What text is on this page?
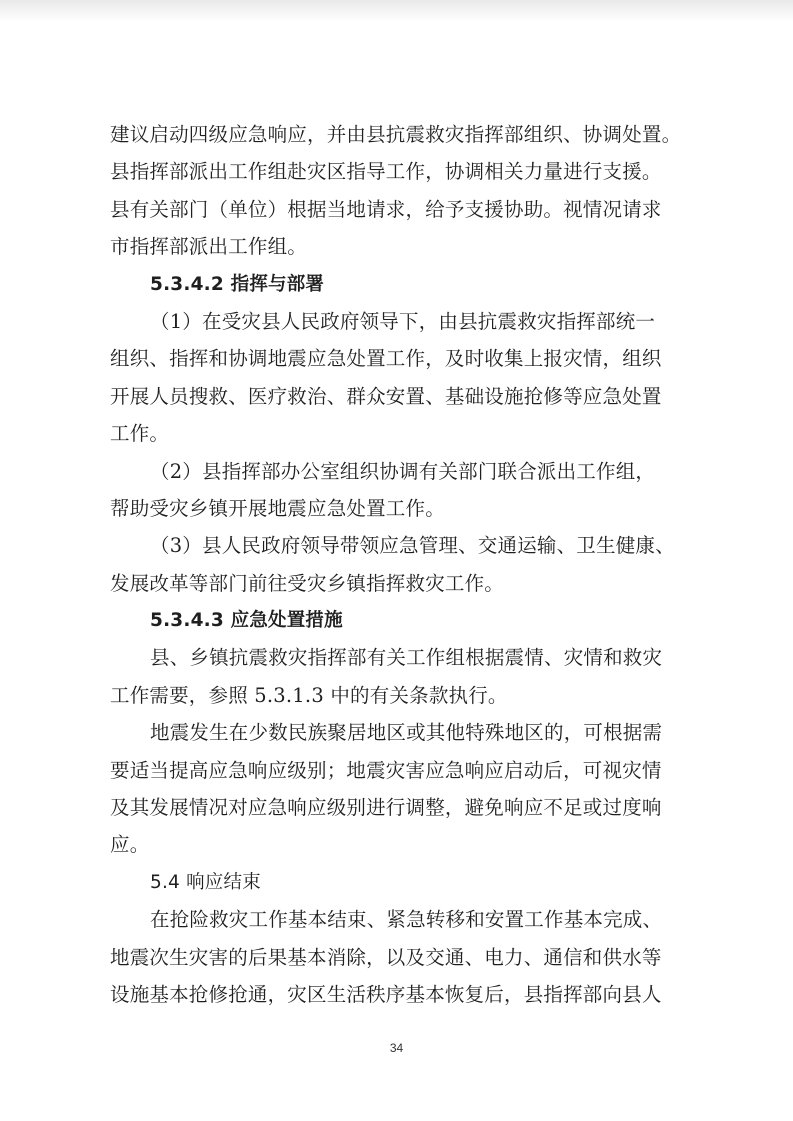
建议启动四级应急响应，并由县抗震救灾指挥部组织、协调处置。
县指挥部派出工作组赴灾区指导工作，协调相关力量进行支援。
县有关部门（单位）根据当地请求，给予支援协助。视情况请求
市指挥部派出工作组。
5.3.4.2 指挥与部署
（1）在受灾县人民政府领导下，由县抗震救灾指挥部统一
组织、指挥和协调地震应急处置工作，及时收集上报灾情，组织
开展人员搜救、医疗救治、群众安置、基础设施抢修等应急处置
工作。
（2）县指挥部办公室组织协调有关部门联合派出工作组，
帮助受灾乡镇开展地震应急处置工作。
（3）县人民政府领导带领应急管理、交通运输、卫生健康、
发展改革等部门前往受灾乡镇指挥救灾工作。
5.3.4.3 应急处置措施
县、乡镇抗震救灾指挥部有关工作组根据震情、灾情和救灾
工作需要，参照 5.3.1.3 中的有关条款执行。
地震发生在少数民族聚居地区或其他特殊地区的，可根据需
要适当提高应急响应级别；地震灾害应急响应启动后，可视灾情
及其发展情况对应急响应级别进行调整，避免响应不足或过度响
应。
5.4 响应结束
在抢险救灾工作基本结束、紧急转移和安置工作基本完成、
地震次生灾害的后果基本消除，以及交通、电力、通信和供水等
设施基本抢修抢通，灾区生活秩序基本恢复后，县指挥部向县人
34
